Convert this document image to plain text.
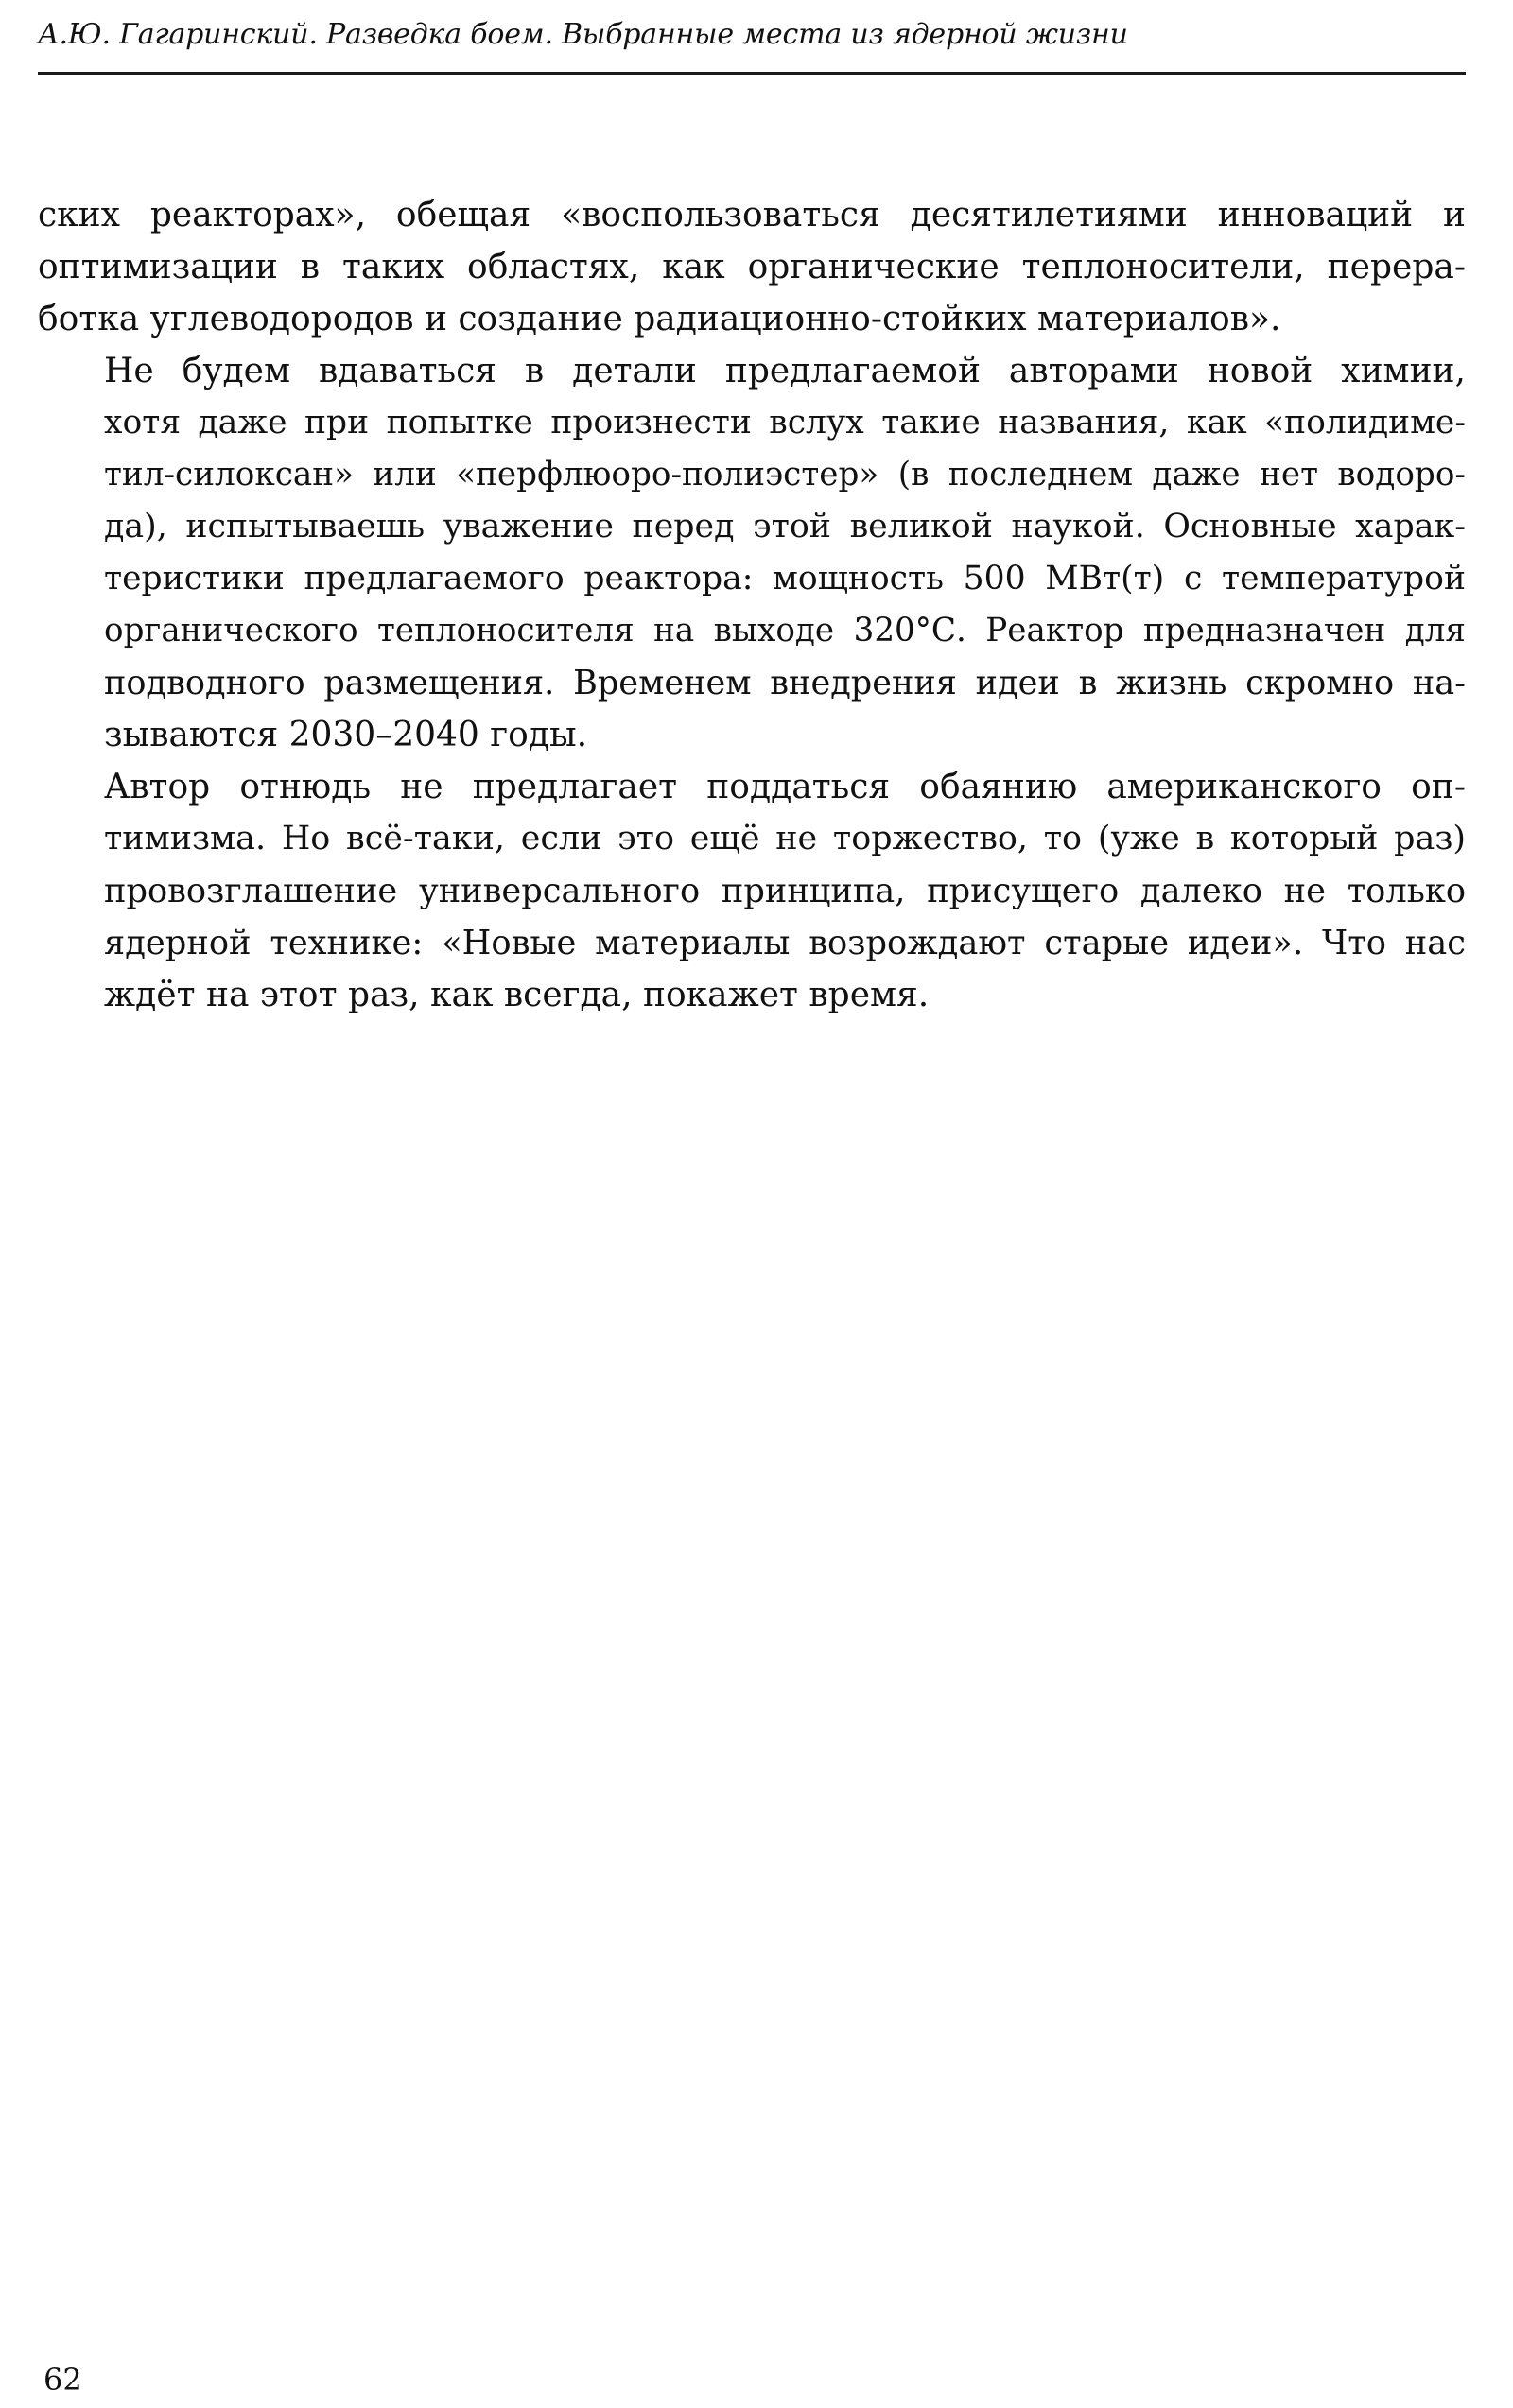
А.Ю. Гагаринский. Разведка боем. Выбранные места из ядерной жизни
ских реакторах», обещая «воспользоваться десятилетиями инноваций и
оптимизации в таких областях, как органические теплоносители, перера-
ботка углеводородов и создание радиационно-стойких материалов».
Не будем вдаваться в детали предлагаемой авторами новой химии,
хотя даже при попытке произнести вслух такие названия, как «полидиме-
тил-силоксан» или «перфлюоро-полиэстер» (в последнем даже нет водоро-
да), испытываешь уважение перед этой великой наукой. Основные харак-
теристики предлагаемого реактора: мощность 500 МВт(т) с температурой
органического теплоносителя на выходе 320°С. Реактор предназначен для
подводного размещения. Временем внедрения идеи в жизнь скромно на-
зываются 2030–2040 годы.
Автор отнюдь не предлагает поддаться обаянию американского оп-
тимизма. Но всё-таки, если это ещё не торжество, то (уже в который раз)
провозглашение универсального принципа, присущего далеко не только
ядерной технике: «Новые материалы возрождают старые идеи». Что нас
ждёт на этот раз, как всегда, покажет время.
62
